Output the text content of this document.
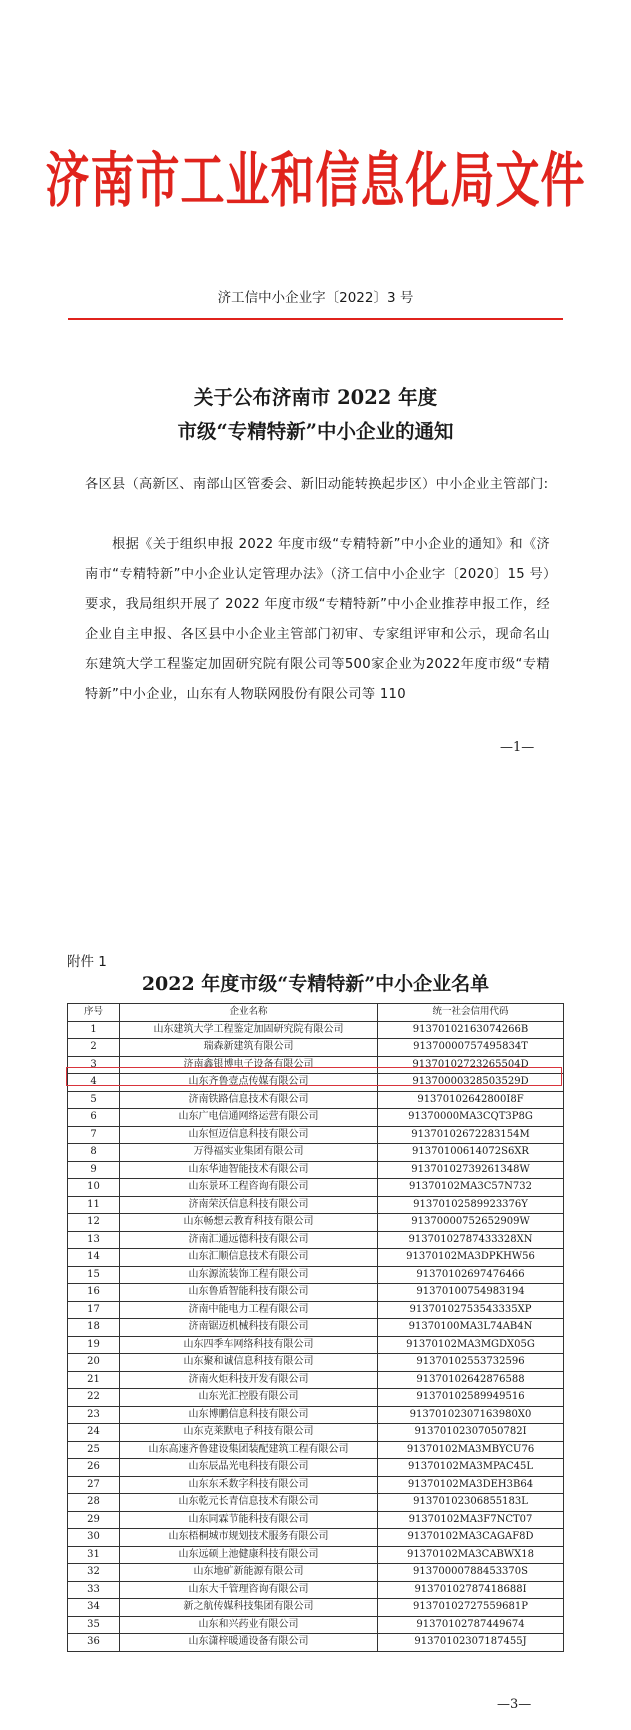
济南市工业和信息化局文件
济工信中小企业字〔2022〕3 号
关于公布济南市 2022 年度
市级“专精特新”中小企业的通知
各区县（高新区、南部山区管委会、新旧动能转换起步区）中小企业主管部门:
根据《关于组织申报 2022 年度市级“专精特新”中小企业的通知》和《济南市“专精特新”中小企业认定管理办法》（济工信中小企业字〔2020〕15 号）要求，我局组织开展了 2022 年度市级“专精特新”中小企业推荐申报工作，经企业自主申报、各区县中小企业主管部门初审、专家组评审和公示，现命名山东建筑大学工程鉴定加固研究院有限公司等500家企业为2022年度市级“专精特新”中小企业，山东有人物联网股份有限公司等 110
—1—
附件 1
2022 年度市级“专精特新”中小企业名单
序号	企业名称	统一社会信用代码
1	山东建筑大学工程鉴定加固研究院有限公司	91370102163074266B
2	瑞森新建筑有限公司	91370000757495834T
3	济南鑫银博电子设备有限公司	91370102723265504D
4	山东齐鲁壹点传媒有限公司	91370000328503529D
5	济南铁路信息技术有限公司	91370102642800I8F
6	山东广电信通网络运营有限公司	91370000MA3CQT3P8G
7	山东恒迈信息科技有限公司	91370102672283154M
8	万得福实业集团有限公司	91370100614072S6XR
9	山东华迪智能技术有限公司	91370102739261348W
10	山东景环工程咨询有限公司	91370102MA3C57N732
11	济南荣沃信息科技有限公司	91370102589923376Y
12	山东畅想云教育科技有限公司	91370000752652909W
13	济南汇通远德科技有限公司	91370102787433328XN
14	山东汇顺信息技术有限公司	91370102MA3DPKHW56
15	山东源流装饰工程有限公司	91370102697476466
16	山东鲁盾智能科技有限公司	91370100754983194
17	济南中能电力工程有限公司	91370102753543335XP
18	济南锯迈机械科技有限公司	91370100MA3L74AB4N
19	山东四季车网络科技有限公司	91370102MA3MGDX05G
20	山东聚和诚信息科技有限公司	91370102553732596
21	济南火炬科技开发有限公司	91370102642876588
22	山东光汇控股有限公司	91370102589949516
23	山东博鹏信息科技有限公司	91370102307163980X0
24	山东克莱默电子科技有限公司	91370102307050782I
25	山东高速齐鲁建设集团装配建筑工程有限公司	91370102MA3MBYCU76
26	山东辰晶光电科技有限公司	91370102MA3MPAC45L
27	山东东禾数字科技有限公司	91370102MA3DEH3B64
28	山东乾元长青信息技术有限公司	91370102306855183L
29	山东同霖节能科技有限公司	91370102MA3F7NCT07
30	山东梧桐城市规划技术服务有限公司	91370102MA3CAGAF8D
31	山东远硕上池健康科技有限公司	91370102MA3CABWX18
32	山东地矿新能源有限公司	91370000788453370S
33	山东大千管理咨询有限公司	91370102787418688I
34	新之航传媒科技集团有限公司	91370102727559681P
35	山东和兴药业有限公司	91370102787449674
36	山东潇梓暖通设备有限公司	91370102307187455J
—3—
